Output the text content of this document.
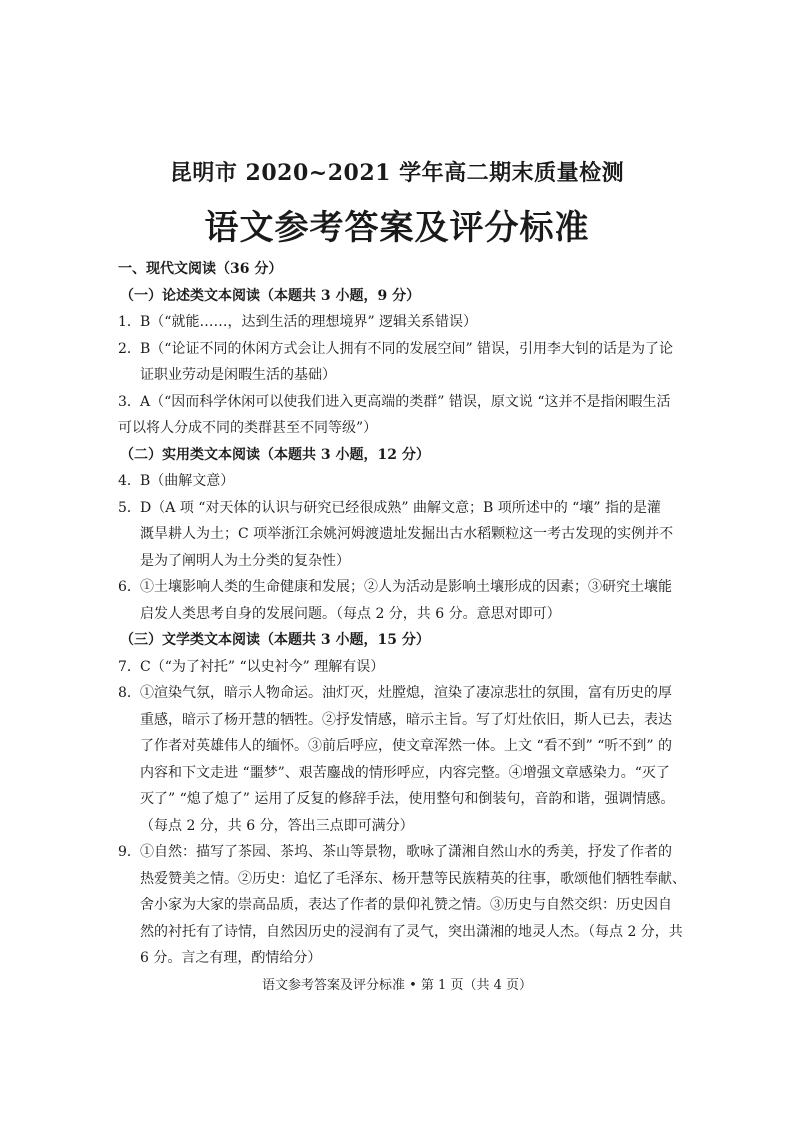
昆明市 2020~2021 学年高二期末质量检测
语文参考答案及评分标准
一、现代文阅读（36 分）
（一）论述类文本阅读（本题共 3 小题，9 分）
1．B（“就能……，达到生活的理想境界” 逻辑关系错误）
2．B（“论证不同的休闲方式会让人拥有不同的发展空间” 错误，引用李大钊的话是为了论
证职业劳动是闲暇生活的基础）
3．A（“因而科学休闲可以使我们进入更高端的类群” 错误，原文说 “这并不是指闲暇生活
可以将人分成不同的类群甚至不同等级”）
（二）实用类文本阅读（本题共 3 小题，12 分）
4．B（曲解文意）
5．D（A 项 “对天体的认识与研究已经很成熟” 曲解文意；B 项所述中的 “壤” 指的是灌
溉旱耕人为土；C 项举浙江余姚河姆渡遗址发掘出古水稻颗粒这一考古发现的实例并不
是为了阐明人为土分类的复杂性）
6．①土壤影响人类的生命健康和发展；②人为活动是影响土壤形成的因素；③研究土壤能
启发人类思考自身的发展问题。（每点 2 分，共 6 分。意思对即可）
（三）文学类文本阅读（本题共 3 小题，15 分）
7．C（“为了衬托” “以史衬今” 理解有误）
8．①渲染气氛，暗示人物命运。油灯灭，灶膛熄，渲染了凄凉悲壮的氛围，富有历史的厚
重感，暗示了杨开慧的牺牲。②抒发情感，暗示主旨。写了灯灶依旧，斯人已去，表达
了作者对英雄伟人的缅怀。③前后呼应，使文章浑然一体。上文 “看不到” “听不到” 的
内容和下文走进 “噩梦”、艰苦鏖战的情形呼应，内容完整。④增强文章感染力。“灭了
灭了” “熄了熄了” 运用了反复的修辞手法，使用整句和倒装句，音韵和谐，强调情感。
（每点 2 分，共 6 分，答出三点即可满分）
9．①自然：描写了茶园、茶坞、茶山等景物，歌咏了潇湘自然山水的秀美，抒发了作者的
热爱赞美之情。②历史：追忆了毛泽东、杨开慧等民族精英的往事，歌颂他们牺牲奉献、
舍小家为大家的崇高品质，表达了作者的景仰礼赞之情。③历史与自然交织：历史因自
然的衬托有了诗情，自然因历史的浸润有了灵气，突出潇湘的地灵人杰。（每点 2 分，共
6 分。言之有理，酌情给分）
语文参考答案及评分标准 • 第 1 页（共 4 页）
